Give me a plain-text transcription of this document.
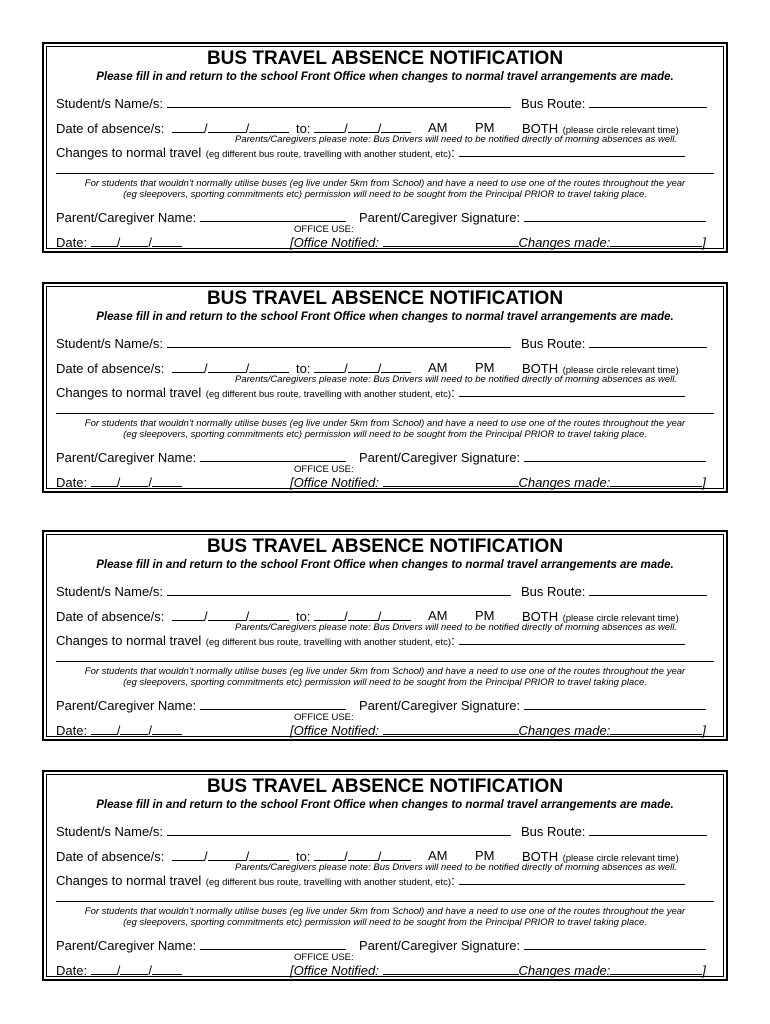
BUS TRAVEL ABSENCE NOTIFICATION
Please fill in and return to the school Front Office when changes to normal travel arrangements are made.
Student/s Name/s:	Bus Route:
Date of absence/s:	/	/	to:	/ /	AM PM BOTH (please circle relevant time)
Parents/Caregivers please note: Bus Drivers will need to be notified directly of morning absences as well.
Changes to normal travel (eg different bus route, travelling with another student, etc):
For students that wouldn’t normally utilise buses (eg live under 5km from School) and have a need to use one of the routes throughout the year
(eg sleepovers, sporting commitments etc) permission will need to be sought from the Principal PRIOR to travel taking place.
Parent/Caregiver Name:	Parent/Caregiver Signature:
OFFICE USE:
Date: / /	[Office Notified:	Changes made:	]
BUS TRAVEL ABSENCE NOTIFICATION
Please fill in and return to the school Front Office when changes to normal travel arrangements are made.
Student/s Name/s:	Bus Route:
Date of absence/s:	/	/	to:	/ /	AM PM BOTH (please circle relevant time)
Parents/Caregivers please note: Bus Drivers will need to be notified directly of morning absences as well.
Changes to normal travel (eg different bus route, travelling with another student, etc):
For students that wouldn’t normally utilise buses (eg live under 5km from School) and have a need to use one of the routes throughout the year
(eg sleepovers, sporting commitments etc) permission will need to be sought from the Principal PRIOR to travel taking place.
Parent/Caregiver Name:	Parent/Caregiver Signature:
OFFICE USE:
Date: / /	[Office Notified:	Changes made:	]
BUS TRAVEL ABSENCE NOTIFICATION
Please fill in and return to the school Front Office when changes to normal travel arrangements are made.
Student/s Name/s:	Bus Route:
Date of absence/s:	/	/	to:	/ /	AM PM BOTH (please circle relevant time)
Parents/Caregivers please note: Bus Drivers will need to be notified directly of morning absences as well.
Changes to normal travel (eg different bus route, travelling with another student, etc):
For students that wouldn’t normally utilise buses (eg live under 5km from School) and have a need to use one of the routes throughout the year
(eg sleepovers, sporting commitments etc) permission will need to be sought from the Principal PRIOR to travel taking place.
Parent/Caregiver Name:	Parent/Caregiver Signature:
OFFICE USE:
Date: / /	[Office Notified:	Changes made:	]
BUS TRAVEL ABSENCE NOTIFICATION
Please fill in and return to the school Front Office when changes to normal travel arrangements are made.
Student/s Name/s:	Bus Route:
Date of absence/s:	/	/	to:	/ /	AM PM BOTH (please circle relevant time)
Parents/Caregivers please note: Bus Drivers will need to be notified directly of morning absences as well.
Changes to normal travel (eg different bus route, travelling with another student, etc):
For students that wouldn’t normally utilise buses (eg live under 5km from School) and have a need to use one of the routes throughout the year
(eg sleepovers, sporting commitments etc) permission will need to be sought from the Principal PRIOR to travel taking place.
Parent/Caregiver Name:	Parent/Caregiver Signature:
OFFICE USE:
Date: / /	[Office Notified:	Changes made:	]
